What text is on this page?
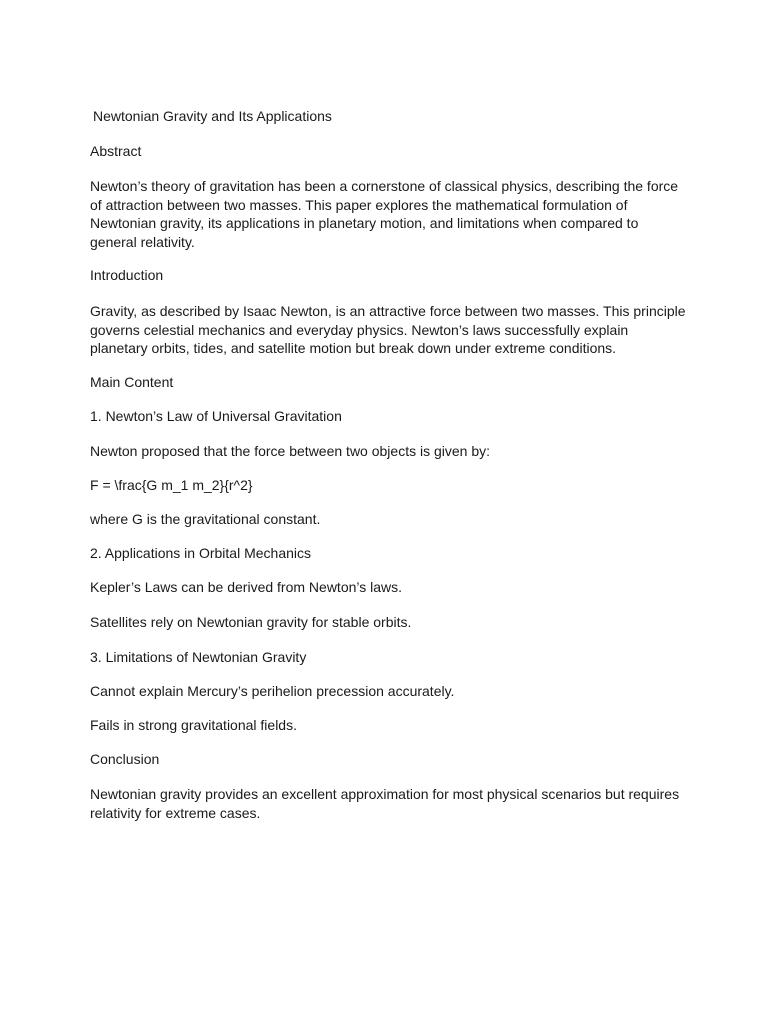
Newtonian Gravity and Its Applications

Abstract

Newton’s theory of gravitation has been a cornerstone of classical physics, describing the force
of attraction between two masses. This paper explores the mathematical formulation of
Newtonian gravity, its applications in planetary motion, and limitations when compared to
general relativity.

Introduction

Gravity, as described by Isaac Newton, is an attractive force between two masses. This principle
governs celestial mechanics and everyday physics. Newton’s laws successfully explain
planetary orbits, tides, and satellite motion but break down under extreme conditions.

Main Content

1. Newton’s Law of Universal Gravitation

Newton proposed that the force between two objects is given by:

F = \frac{G m_1 m_2}{r^2}

where G is the gravitational constant.

2. Applications in Orbital Mechanics

Kepler’s Laws can be derived from Newton’s laws.

Satellites rely on Newtonian gravity for stable orbits.

3. Limitations of Newtonian Gravity

Cannot explain Mercury’s perihelion precession accurately.

Fails in strong gravitational fields.

Conclusion

Newtonian gravity provides an excellent approximation for most physical scenarios but requires
relativity for extreme cases.
